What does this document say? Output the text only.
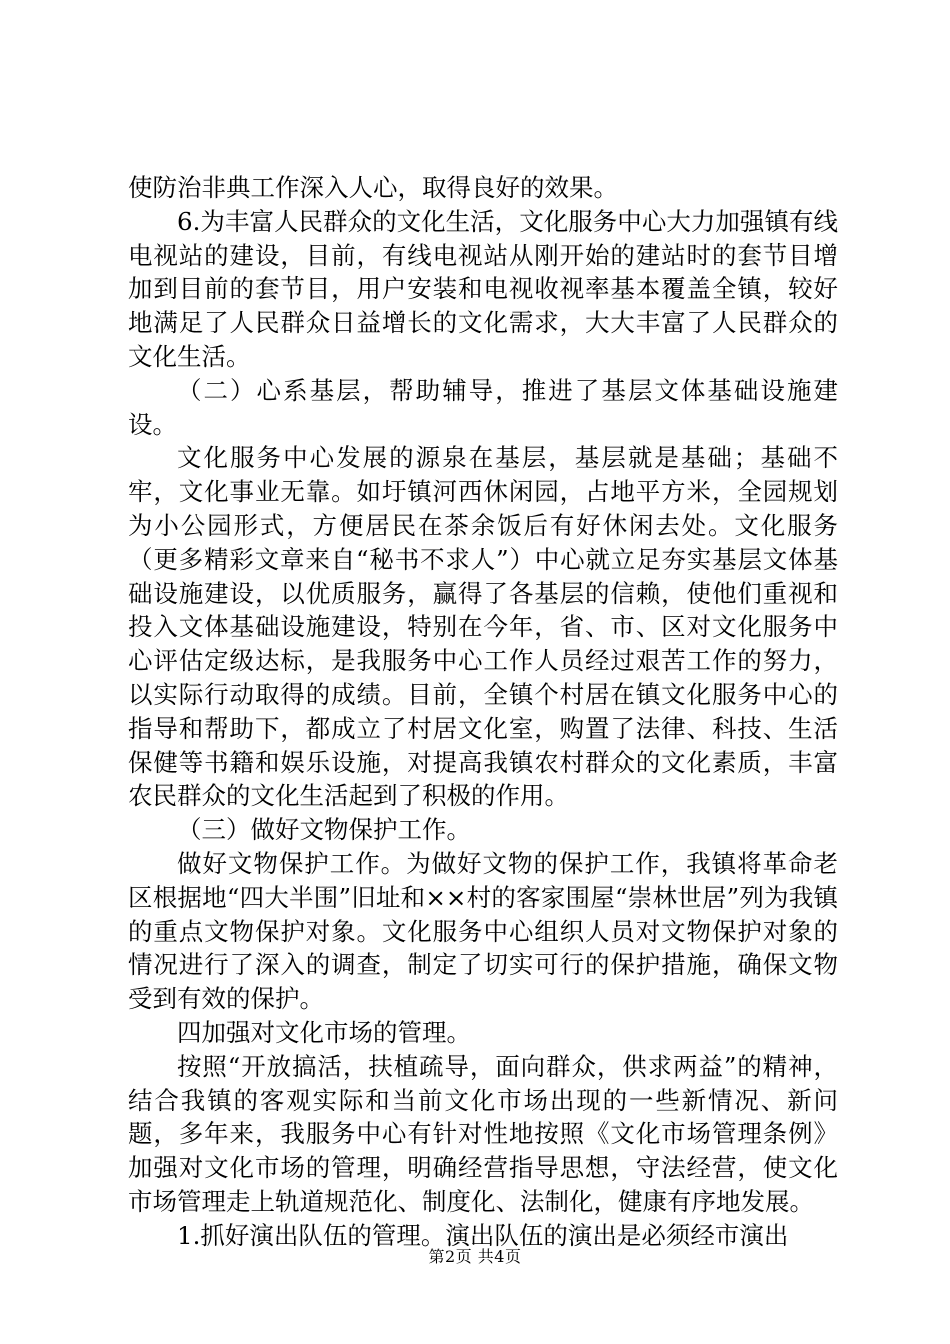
使防治非典工作深入人心，取得良好的效果。

6.为丰富人民群众的文化生活，文化服务中心大力加强镇有线电视站的建设，目前，有线电视站从刚开始的建站时的套节目增加到目前的套节目，用户安装和电视收视率基本覆盖全镇，较好地满足了人民群众日益增长的文化需求，大大丰富了人民群众的文化生活。

（二）心系基层，帮助辅导，推进了基层文体基础设施建设。

文化服务中心发展的源泉在基层，基层就是基础；基础不牢，文化事业无靠。如圩镇河西休闲园，占地平方米，全园规划为小公园形式，方便居民在茶余饭后有好休闲去处。文化服务（更多精彩文章来自“秘书不求人”）中心就立足夯实基层文体基础设施建设，以优质服务，赢得了各基层的信赖，使他们重视和投入文体基础设施建设，特别在今年，省、市、区对文化服务中心评估定级达标，是我服务中心工作人员经过艰苦工作的努力，以实际行动取得的成绩。目前，全镇个村居在镇文化服务中心的指导和帮助下，都成立了村居文化室，购置了法律、科技、生活保健等书籍和娱乐设施，对提高我镇农村群众的文化素质，丰富农民群众的文化生活起到了积极的作用。

（三）做好文物保护工作。

做好文物保护工作。为做好文物的保护工作，我镇将革命老区根据地“四大半围”旧址和××村的客家围屋“崇林世居”列为我镇的重点文物保护对象。文化服务中心组织人员对文物保护对象的情况进行了深入的调查，制定了切实可行的保护措施，确保文物受到有效的保护。

四加强对文化市场的管理。

按照“开放搞活，扶植疏导，面向群众，供求两益”的精神，结合我镇的客观实际和当前文化市场出现的一些新情况、新问题，多年来，我服务中心有针对性地按照《文化市场管理条例》加强对文化市场的管理，明确经营指导思想，守法经营，使文化市场管理走上轨道规范化、制度化、法制化，健康有序地发展。

1.抓好演出队伍的管理。演出队伍的演出是必须经市演出

第2页 共4页
